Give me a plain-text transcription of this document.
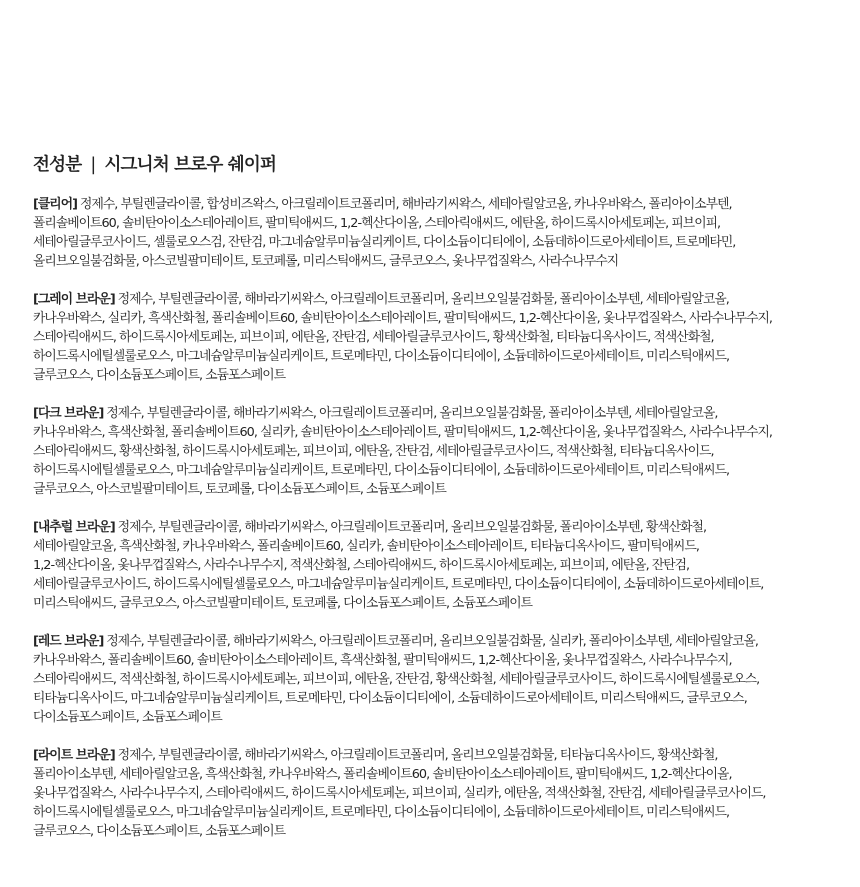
전성분 | 시그니처 브로우 쉐이퍼
[클리어] 정제수, 부틸렌글라이콜, 합성비즈왁스, 아크릴레이트코폴리머, 해바라기씨왁스, 세테아릴알코올, 카나우바왁스, 폴리아이소부텐,
폴리솔베이트60, 솔비탄아이소스테아레이트, 팔미틱애씨드, 1,2-헥산다이올, 스테아릭애씨드, 에탄올, 하이드록시아세토페논, 피브이피,
세테아릴글루코사이드, 셀룰로오스검, 잔탄검, 마그네슘알루미늄실리케이트, 다이소듐이디티에이, 소듐데하이드로아세테이트, 트로메타민,
올리브오일불검화물, 아스코빌팔미테이트, 토코페롤, 미리스틱애씨드, 글루코오스, 옻나무껍질왁스, 사라수나무수지
[그레이 브라운] 정제수, 부틸렌글라이콜, 해바라기씨왁스, 아크릴레이트코폴리머, 올리브오일불검화물, 폴리아이소부텐, 세테아릴알코올,
카나우바왁스, 실리카, 흑색산화철, 폴리솔베이트60, 솔비탄아이소스테아레이트, 팔미틱애씨드, 1,2-헥산다이올, 옻나무껍질왁스, 사라수나무수지,
스테아릭애씨드, 하이드록시아세토페논, 피브이피, 에탄올, 잔탄검, 세테아릴글루코사이드, 황색산화철, 티타늄디옥사이드, 적색산화철,
하이드록시에틸셀룰로오스, 마그네슘알루미늄실리케이트, 트로메타민, 다이소듐이디티에이, 소듐데하이드로아세테이트, 미리스틱애씨드,
글루코오스, 다이소듐포스페이트, 소듐포스페이트
[다크 브라운] 정제수, 부틸렌글라이콜, 해바라기씨왁스, 아크릴레이트코폴리머, 올리브오일불검화물, 폴리아이소부텐, 세테아릴알코올,
카나우바왁스, 흑색산화철, 폴리솔베이트60, 실리카, 솔비탄아이소스테아레이트, 팔미틱애씨드, 1,2-헥산다이올, 옻나무껍질왁스, 사라수나무수지,
스테아릭애씨드, 황색산화철, 하이드록시아세토페논, 피브이피, 에탄올, 잔탄검, 세테아릴글루코사이드, 적색산화철, 티타늄디옥사이드,
하이드록시에틸셀룰로오스, 마그네슘알루미늄실리케이트, 트로메타민, 다이소듐이디티에이, 소듐데하이드로아세테이트, 미리스틱애씨드,
글루코오스, 아스코빌팔미테이트, 토코페롤, 다이소듐포스페이트, 소듐포스페이트
[내추럴 브라운] 정제수, 부틸렌글라이콜, 해바라기씨왁스, 아크릴레이트코폴리머, 올리브오일불검화물, 폴리아이소부텐, 황색산화철,
세테아릴알코올, 흑색산화철, 카나우바왁스, 폴리솔베이트60, 실리카, 솔비탄아이소스테아레이트, 티타늄디옥사이드, 팔미틱애씨드,
1,2-헥산다이올, 옻나무껍질왁스, 사라수나무수지, 적색산화철, 스테아릭애씨드, 하이드록시아세토페논, 피브이피, 에탄올, 잔탄검,
세테아릴글루코사이드, 하이드록시에틸셀룰로오스, 마그네슘알루미늄실리케이트, 트로메타민, 다이소듐이디티에이, 소듐데하이드로아세테이트,
미리스틱애씨드, 글루코오스, 아스코빌팔미테이트, 토코페롤, 다이소듐포스페이트, 소듐포스페이트
[레드 브라운] 정제수, 부틸렌글라이콜, 해바라기씨왁스, 아크릴레이트코폴리머, 올리브오일불검화물, 실리카, 폴리아이소부텐, 세테아릴알코올,
카나우바왁스, 폴리솔베이트60, 솔비탄아이소스테아레이트, 흑색산화철, 팔미틱애씨드, 1,2-헥산다이올, 옻나무껍질왁스, 사라수나무수지,
스테아릭애씨드, 적색산화철, 하이드록시아세토페논, 피브이피, 에탄올, 잔탄검, 황색산화철, 세테아릴글루코사이드, 하이드록시에틸셀룰로오스,
티타늄디옥사이드, 마그네슘알루미늄실리케이트, 트로메타민, 다이소듐이디티에이, 소듐데하이드로아세테이트, 미리스틱애씨드, 글루코오스,
다이소듐포스페이트, 소듐포스페이트
[라이트 브라운] 정제수, 부틸렌글라이콜, 해바라기씨왁스, 아크릴레이트코폴리머, 올리브오일불검화물, 티타늄디옥사이드, 황색산화철,
폴리아이소부텐, 세테아릴알코올, 흑색산화철, 카나우바왁스, 폴리솔베이트60, 솔비탄아이소스테아레이트, 팔미틱애씨드, 1,2-헥산다이올,
옻나무껍질왁스, 사라수나무수지, 스테아릭애씨드, 하이드록시아세토페논, 피브이피, 실리카, 에탄올, 적색산화철, 잔탄검, 세테아릴글루코사이드,
하이드록시에틸셀룰로오스, 마그네슘알루미늄실리케이트, 트로메타민, 다이소듐이디티에이, 소듐데하이드로아세테이트, 미리스틱애씨드,
글루코오스, 다이소듐포스페이트, 소듐포스페이트
